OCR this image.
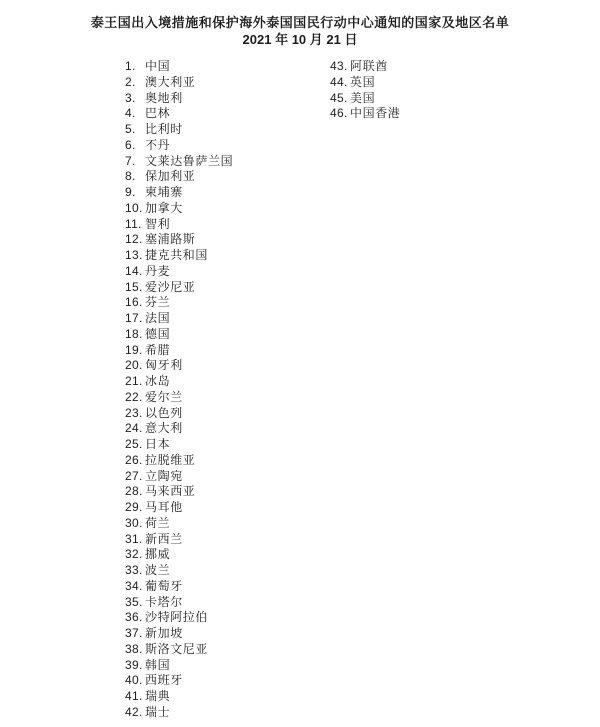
泰王国出入境措施和保护海外泰国国民行动中心通知的国家及地区名单
2021 年 10 月 21 日
1. 中国
2. 澳大利亚
3. 奥地利
4. 巴林
5. 比利时
6. 不丹
7. 文莱达鲁萨兰国
8. 保加利亚
9. 柬埔寨
10. 加拿大
11. 智利
12. 塞浦路斯
13. 捷克共和国
14. 丹麦
15. 爱沙尼亚
16. 芬兰
17. 法国
18. 德国
19. 希腊
20. 匈牙利
21. 冰岛
22. 爱尔兰
23. 以色列
24. 意大利
25. 日本
26. 拉脱维亚
27. 立陶宛
28. 马来西亚
29. 马耳他
30. 荷兰
31. 新西兰
32. 挪威
33. 波兰
34. 葡萄牙
35. 卡塔尔
36. 沙特阿拉伯
37. 新加坡
38. 斯洛文尼亚
39. 韩国
40. 西班牙
41. 瑞典
42. 瑞士
43. 阿联酋
44. 英国
45. 美国
46. 中国香港
